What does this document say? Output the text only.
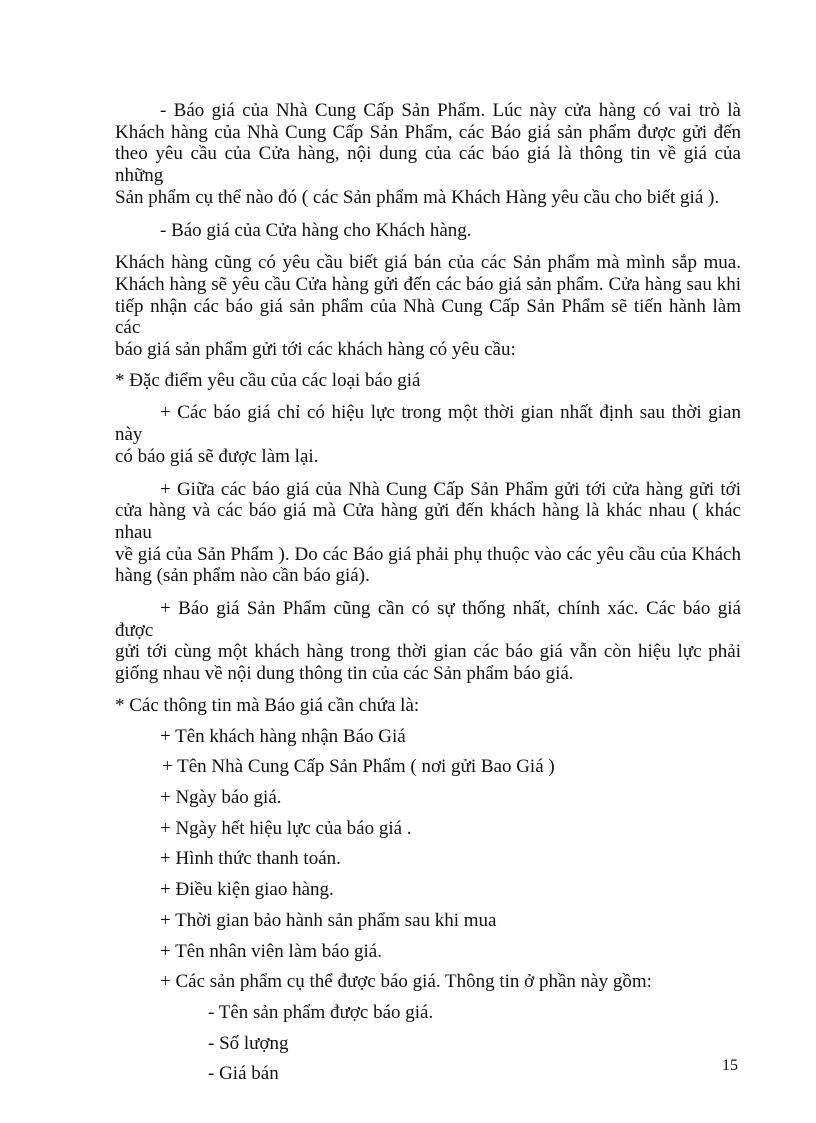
- Báo giá của Nhà Cung Cấp Sản Phẩm. Lúc này cửa hàng có vai trò là

Khách hàng của Nhà Cung Cấp Sản Phẩm, các Báo giá sản phẩm được gửi đến

theo yêu cầu của Cửa hàng, nội dung của các báo giá là thông tin về giá của những

Sản phẩm cụ thể nào đó ( các Sản phẩm mà Khách Hàng yêu cầu cho biết giá ).

- Báo giá của Cửa hàng cho Khách hàng.

Khách hàng cũng có yêu cầu biết giá bán của các Sản phẩm mà mình sắp mua.

Khách hàng sẽ yêu cầu Cửa hàng gửi đến các báo giá sản phẩm. Cửa hàng sau khi

tiếp nhận các báo giá sản phẩm của Nhà Cung Cấp Sản Phẩm sẽ tiến hành làm các

báo giá sản phẩm gửi tới các khách hàng có yêu cầu:

* Đặc điểm yêu cầu của các loại báo giá

+ Các báo giá chỉ có hiệu lực trong một thời gian nhất định sau thời gian này

có báo giá sẽ được làm lại.

+ Giữa các báo giá của Nhà Cung Cấp Sản Phẩm gửi tới cửa hàng gửi tới

cửa hàng và các báo giá mà Cửa hàng gửi đến khách hàng là khác nhau ( khác nhau

về giá của Sản Phẩm ). Do các Báo giá phải phụ thuộc vào các yêu cầu của Khách

hàng (sản phẩm nào cần báo giá).

+ Báo giá Sản Phẩm cũng cần có sự thống nhất, chính xác. Các báo giá được

gửi tới cùng một khách hàng trong thời gian các báo giá vẫn còn hiệu lực phải

giống nhau về nội dung thông tin của các Sản phẩm báo giá.

* Các thông tin mà Báo giá cần chứa là:

+ Tên khách hàng nhận Báo Giá

+ Tên Nhà Cung Cấp Sản Phẩm ( nơi gửi Bao Giá )

+ Ngày báo giá.

+ Ngày hết hiệu lực của báo giá .

+ Hình thức thanh toán.

+ Điều kiện giao hàng.

+ Thời gian bảo hành sản phẩm sau khi mua

+ Tên nhân viên làm báo giá.

+ Các sản phẩm cụ thể được báo giá. Thông tin ở phần này gồm:

- Tên sản phẩm được báo giá.

- Số lượng

- Giá bán	15
